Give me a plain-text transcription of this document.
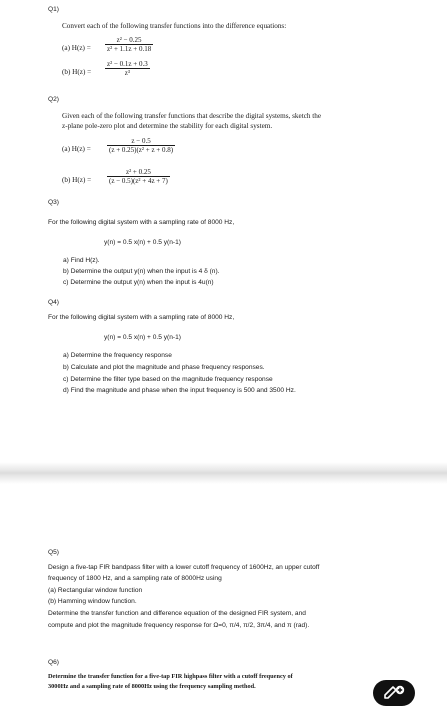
Q1)
Convert each of the following transfer functions into the difference equations:
(a) $H(z) = \frac{\text{z² − 0.25}}{\text{z² + 1.1z + 0.18}}$
(b) $H(z) = \frac{\text{z² − 0.1z + 0.3}}{\text{z³}}$
Q2)
Given each of the following transfer functions that describe the digital systems, sketch the
z-plane pole-zero plot and determine the stability for each digital system.
(a) $H(z) = \frac{z - 0.5}{\text{(z + 0.25)(z² + z + 0.8)}}$
(b) $H(z) = \frac{\text{z² + 0.25}}{\text{(z − 0.5)(z² + 4z + 7)}}$
Q3)
For the following digital system with a sampling rate of 8000 Hz,
y(n) = 0.5 x(n) + 0.5 y(n-1)
a) Find H(z).
b) Determine the output y(n) when the input is 4 δ (n).
c) Determine the output y(n) when the input is 4u(n)
Q4)
For the following digital system with a sampling rate of 8000 Hz,
y(n) = 0.5 x(n) + 0.5 y(n-1)
a) Determine the frequency response
b) Calculate and plot the magnitude and phase frequency responses.
c) Determine the filter type based on the magnitude frequency response
d) Find the magnitude and phase when the input frequency is 500 and 3500 Hz.
Q5)
Design a five-tap FIR bandpass filter with a lower cutoff frequency of 1600Hz, an upper cutoff
frequency of 1800 Hz, and a sampling rate of 8000Hz using
(a) Rectangular window function
(b) Hamming window function.
Determine the transfer function and difference equation of the designed FIR system, and
compute and plot the magnitude frequency response for Ω=0, π/4, π/2, 3π/4, and π (rad).
Q6)
Determine the transfer function for a five-tap FIR highpass filter with a cutoff frequency of
3000Hz and a sampling rate of 8000Hz using the frequency sampling method.
